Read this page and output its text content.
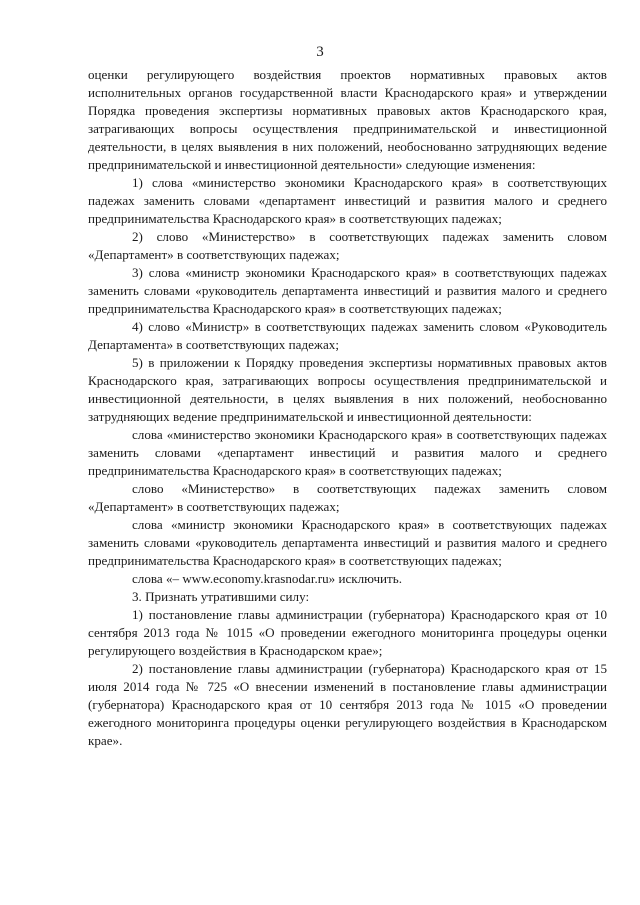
3

оценки регулирующего воздействия проектов нормативных правовых актов исполнительных органов государственной власти Краснодарского края» и утверждении Порядка проведения экспертизы нормативных правовых актов Краснодарского края, затрагивающих вопросы осуществления предпринимательской и инвестиционной деятельности, в целях выявления в них положений, необоснованно затрудняющих ведение предпринимательской и инвестиционной деятельности» следующие изменения:

1) слова «министерство экономики Краснодарского края» в соответствующих падежах заменить словами «департамент инвестиций и развития малого и среднего предпринимательства Краснодарского края» в соответствующих падежах;

2) слово «Министерство» в соответствующих падежах заменить словом «Департамент» в соответствующих падежах;

3) слова «министр экономики Краснодарского края» в соответствующих падежах заменить словами «руководитель департамента инвестиций и развития малого и среднего предпринимательства Краснодарского края» в соответствующих падежах;

4) слово «Министр» в соответствующих падежах заменить словом «Руководитель Департамента» в соответствующих падежах;

5) в приложении к Порядку проведения экспертизы нормативных правовых актов Краснодарского края, затрагивающих вопросы осуществления предпринимательской и инвестиционной деятельности, в целях выявления в них положений, необоснованно затрудняющих ведение предпринимательской и инвестиционной деятельности:

слова «министерство экономики Краснодарского края» в соответствующих падежах заменить словами «департамент инвестиций и развития малого и среднего предпринимательства Краснодарского края» в соответствующих падежах;

слово «Министерство» в соответствующих падежах заменить словом «Департамент» в соответствующих падежах;

слова «министр экономики Краснодарского края» в соответствующих падежах заменить словами «руководитель департамента инвестиций и развития малого и среднего предпринимательства Краснодарского края» в соответствующих падежах;

слова «– www.economy.krasnodar.ru» исключить.

3. Признать утратившими силу:

1) постановление главы администрации (губернатора) Краснодарского края от 10 сентября 2013 года № 1015 «О проведении ежегодного мониторинга процедуры оценки регулирующего воздействия в Краснодарском крае»;

2) постановление главы администрации (губернатора) Краснодарского края от 15 июля 2014 года № 725 «О внесении изменений в постановление главы администрации (губернатора) Краснодарского края от 10 сентября 2013 года № 1015 «О проведении ежегодного мониторинга процедуры оценки регулирующего воздействия в Краснодарском крае».
